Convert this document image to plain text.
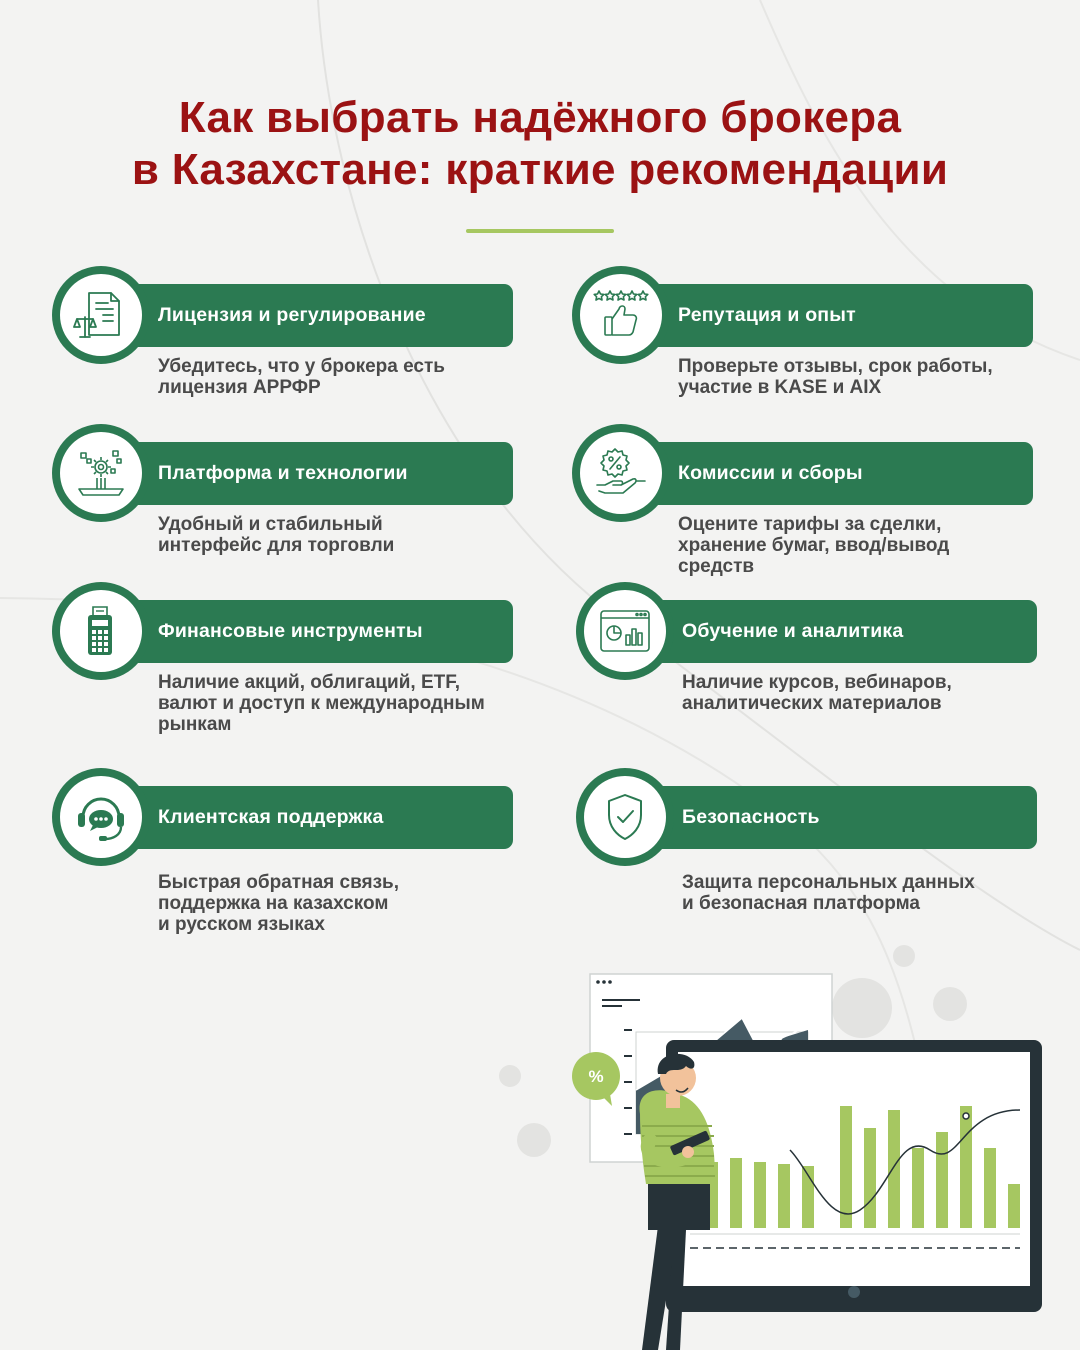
Как выбрать надёжного брокера
в Казахстане: краткие рекомендации
Лицензия и регулирование
Убедитесь, что у брокера есть
лицензия АРРФР
Репутация и опыт
Проверьте отзывы, срок работы,
участие в KASE и AIX
Платформа и технологии
Удобный и стабильный
интерфейс для торговли
Комиссии и сборы
Оцените тарифы за сделки,
хранение бумаг, ввод/вывод
средств
Финансовые инструменты
Наличие акций, облигаций, ETF,
валют и доступ к международным
рынкам
Обучение и аналитика
Наличие курсов, вебинаров,
аналитических материалов
Клиентская поддержка
Быстрая обратная связь,
поддержка на казахском
и русском языках
Безопасность
Защита персональных данных
и безопасная платформа
%
